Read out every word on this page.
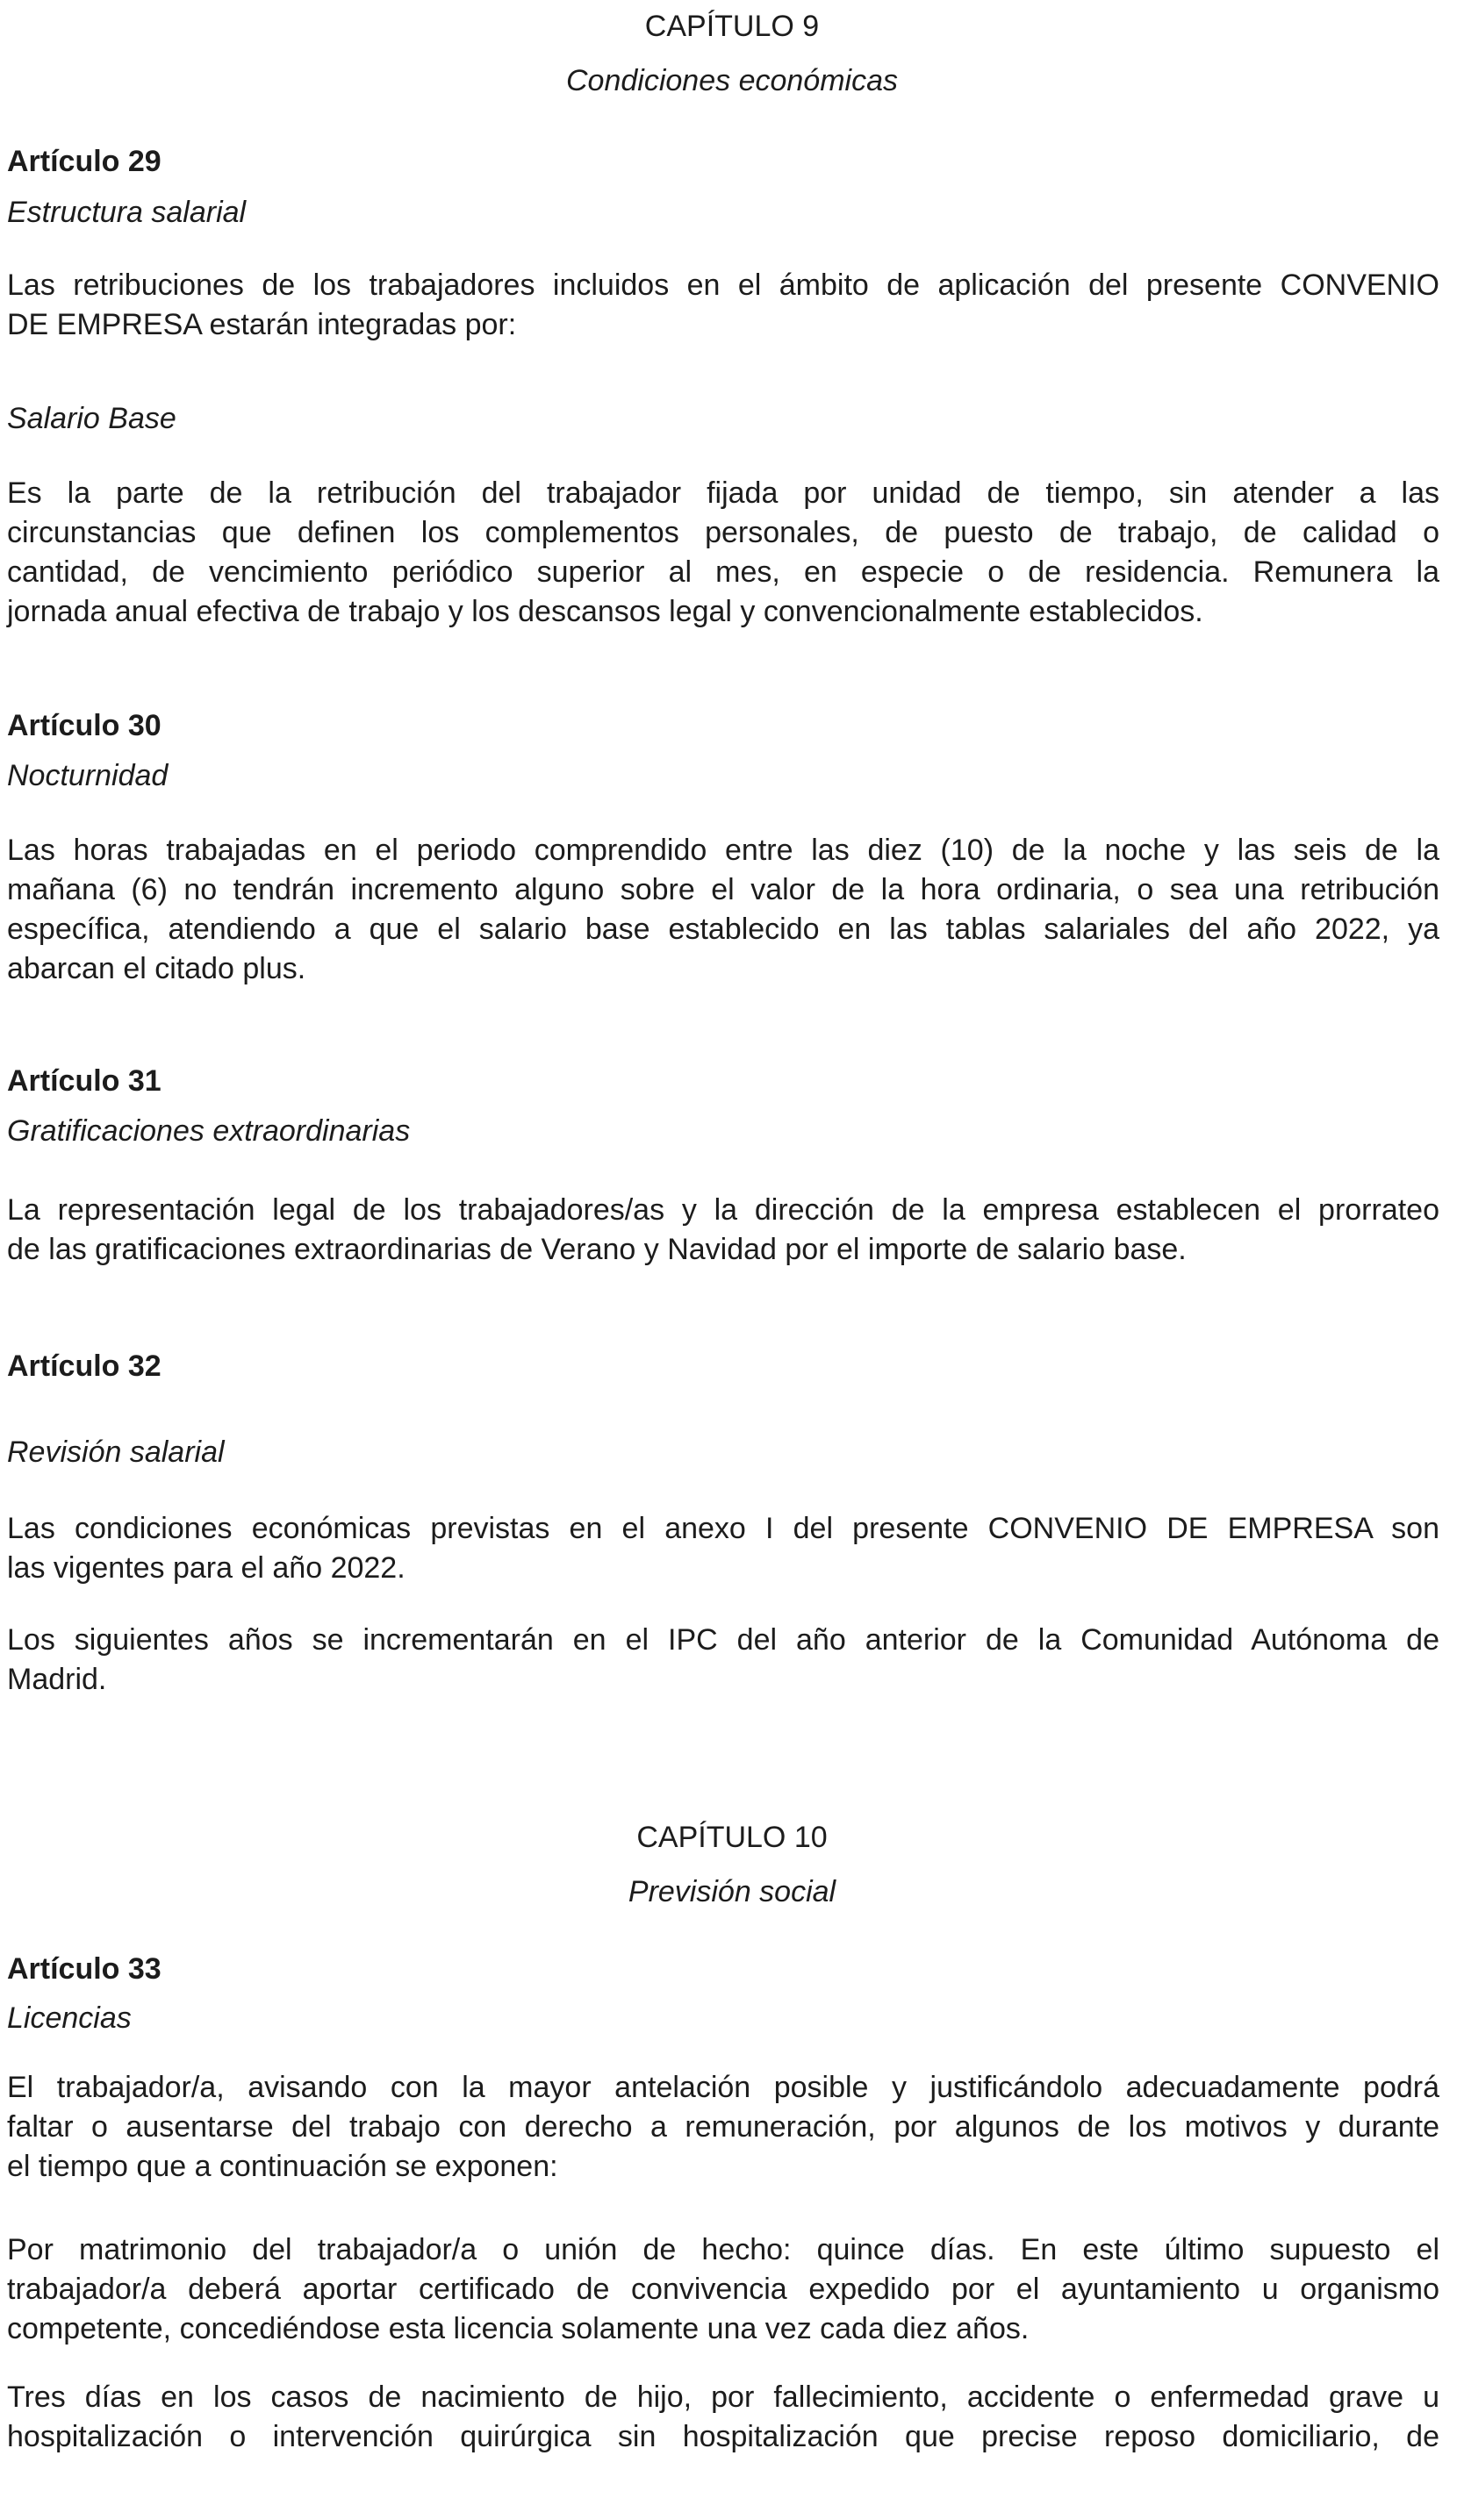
CAPÍTULO 9
Condiciones económicas
Artículo 29
Estructura salarial
Las retribuciones de los trabajadores incluidos en el ámbito de aplicación del presente CONVENIO
DE EMPRESA estarán integradas por:
Salario Base
Es la parte de la retribución del trabajador fijada por unidad de tiempo, sin atender a las
circunstancias que definen los complementos personales, de puesto de trabajo, de calidad o
cantidad, de vencimiento periódico superior al mes, en especie o de residencia. Remunera la
jornada anual efectiva de trabajo y los descansos legal y convencionalmente establecidos.
Artículo 30
Nocturnidad
Las horas trabajadas en el periodo comprendido entre las diez (10) de la noche y las seis de la
mañana (6) no tendrán incremento alguno sobre el valor de la hora ordinaria, o sea una retribución
específica, atendiendo a que el salario base establecido en las tablas salariales del año 2022, ya
abarcan el citado plus.
Artículo 31
Gratificaciones extraordinarias
La representación legal de los trabajadores/as y la dirección de la empresa establecen el prorrateo
de las gratificaciones extraordinarias de Verano y Navidad por el importe de salario base.
Artículo 32
Revisión salarial
Las condiciones económicas previstas en el anexo I del presente CONVENIO DE EMPRESA son
las vigentes para el año 2022.
Los siguientes años se incrementarán en el IPC del año anterior de la Comunidad Autónoma de
Madrid.
CAPÍTULO 10
Previsión social
Artículo 33
Licencias
El trabajador/a, avisando con la mayor antelación posible y justificándolo adecuadamente podrá
faltar o ausentarse del trabajo con derecho a remuneración, por algunos de los motivos y durante
el tiempo que a continuación se exponen:
Por matrimonio del trabajador/a o unión de hecho: quince días. En este último supuesto el
trabajador/a deberá aportar certificado de convivencia expedido por el ayuntamiento u organismo
competente, concediéndose esta licencia solamente una vez cada diez años.
Tres días en los casos de nacimiento de hijo, por fallecimiento, accidente o enfermedad grave u
hospitalización o intervención quirúrgica sin hospitalización que precise reposo domiciliario, de
